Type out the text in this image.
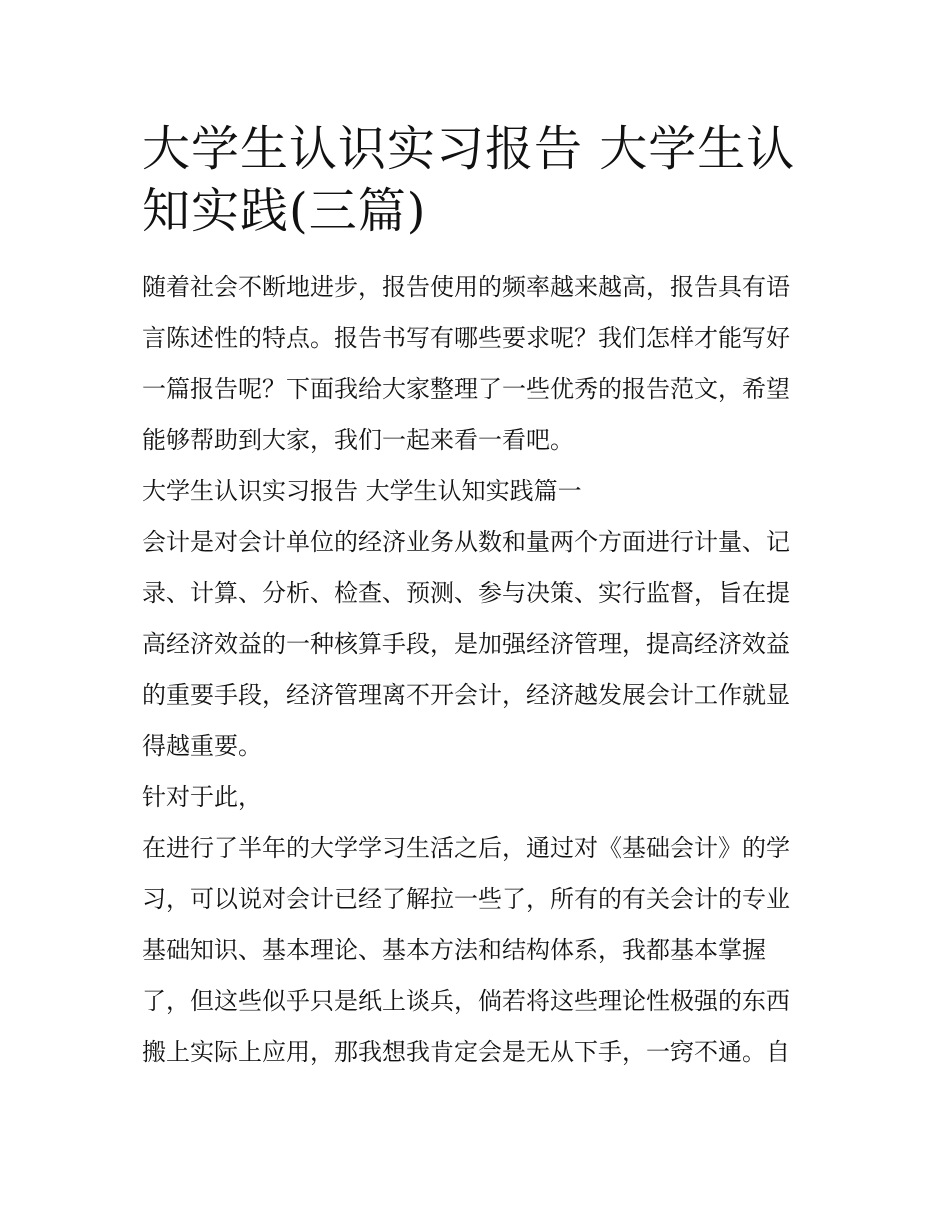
大学生认识实习报告 大学生认
知实践(三篇)
随着社会不断地进步，报告使用的频率越来越高，报告具有语
言陈述性的特点。报告书写有哪些要求呢？我们怎样才能写好
一篇报告呢？下面我给大家整理了一些优秀的报告范文，希望
能够帮助到大家，我们一起来看一看吧。
大学生认识实习报告 大学生认知实践篇一
会计是对会计单位的经济业务从数和量两个方面进行计量、记
录、计算、分析、检查、预测、参与决策、实行监督，旨在提
高经济效益的一种核算手段，是加强经济管理，提高经济效益
的重要手段，经济管理离不开会计，经济越发展会计工作就显
得越重要。
针对于此，
在进行了半年的大学学习生活之后，通过对《基础会计》的学
习，可以说对会计已经了解拉一些了，所有的有关会计的专业
基础知识、基本理论、基本方法和结构体系，我都基本掌握
了，但这些似乎只是纸上谈兵，倘若将这些理论性极强的东西
搬上实际上应用，那我想我肯定会是无从下手，一窍不通。自
